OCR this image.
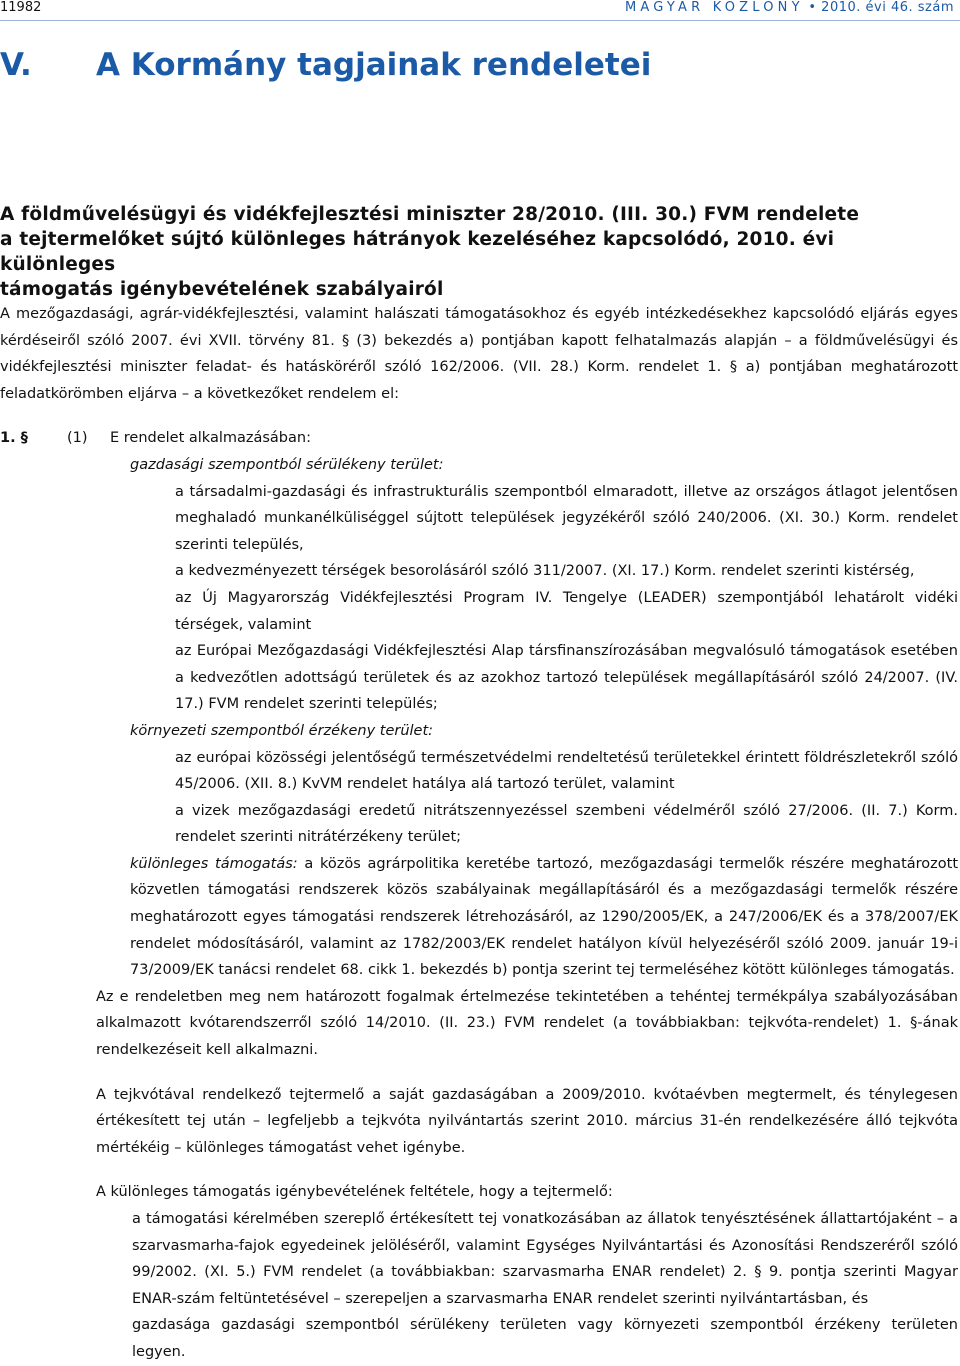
11982	MAGYAR KÖZLÖNY • 2010. évi 46. szám
V. A Kormány tagjainak rendeletei
A földművelésügyi és vidékfejlesztési miniszter 28/2010. (III. 30.) FVM rendelete
a tejtermelőket sújtó különleges hátrányok kezeléséhez kapcsolódó, 2010. évi különleges
támogatás igénybevételének szabályairól

A mezőgazdasági, agrár-vidékfejlesztési, valamint halászati támogatásokhoz és egyéb intézkedésekhez kapcsolódó eljárás egyes kérdéseiről szóló 2007. évi XVII. törvény 81. § (3) bekezdés a) pontjában kapott felhatalmazás alapján – a földművelésügyi és vidékfejlesztési miniszter feladat- és hatásköréről szóló 162/2006. (VII. 28.) Korm. rendelet 1. § a) pontjában meghatározott feladatkörömben eljárva – a következőket rendelem el:

1. §	(1) E rendelet alkalmazásában:
gazdasági szempontból sérülékeny terület:
a társadalmi-gazdasági és infrastrukturális szempontból elmaradott, illetve az országos átlagot jelentősen meghaladó munkanélküliséggel sújtott települések jegyzékéről szóló 240/2006. (XI. 30.) Korm. rendelet szerinti település,
a kedvezményezett térségek besorolásáról szóló 311/2007. (XI. 17.) Korm. rendelet szerinti kistérség,
az Új Magyarország Vidékfejlesztési Program IV. Tengelye (LEADER) szempontjából lehatárolt vidéki térségek, valamint
az Európai Mezőgazdasági Vidékfejlesztési Alap társfinanszírozásában megvalósuló támogatások esetében a kedvezőtlen adottságú területek és az azokhoz tartozó települések megállapításáról szóló 24/2007. (IV. 17.) FVM rendelet szerinti település;
környezeti szempontból érzékeny terület:
az európai közösségi jelentőségű természetvédelmi rendeltetésű területekkel érintett földrészletekről szóló 45/2006. (XII. 8.) KvVM rendelet hatálya alá tartozó terület, valamint
a vizek mezőgazdasági eredetű nitrátszennyezéssel szembeni védelméről szóló 27/2006. (II. 7.) Korm. rendelet szerinti nitrátérzékeny terület;
különleges támogatás: a közös agrárpolitika keretébe tartozó, mezőgazdasági termelők részére meghatározott közvetlen támogatási rendszerek közös szabályainak megállapításáról és a mezőgazdasági termelők részére meghatározott egyes támogatási rendszerek létrehozásáról, az 1290/2005/EK, a 247/2006/EK és a 378/2007/EK rendelet módosításáról, valamint az 1782/2003/EK rendelet hatályon kívül helyezéséről szóló 2009. január 19-i 73/2009/EK tanácsi rendelet 68. cikk 1. bekezdés b) pontja szerint tej termeléséhez kötött különleges támogatás.
Az e rendeletben meg nem határozott fogalmak értelmezése tekintetében a tehéntej termékpálya szabályozásában alkalmazott kvótarendszerről szóló 14/2010. (II. 23.) FVM rendelet (a továbbiakban: tejkvóta-rendelet) 1. §-ának rendelkezéseit kell alkalmazni.
A tejkvótával rendelkező tejtermelő a saját gazdaságában a 2009/2010. kvótaévben megtermelt, és ténylegesen értékesített tej után – legfeljebb a tejkvóta nyilvántartás szerint 2010. március 31-én rendelkezésére álló tejkvóta mértékéig – különleges támogatást vehet igénybe.
A különleges támogatás igénybevételének feltétele, hogy a tejtermelő:
a támogatási kérelmében szereplő értékesített tej vonatkozásában az állatok tenyésztésének állattartójaként – a szarvasmarha-fajok egyedeinek jelöléséről, valamint Egységes Nyilvántartási és Azonosítási Rendszeréről szóló 99/2002. (XI. 5.) FVM rendelet (a továbbiakban: szarvasmarha ENAR rendelet) 2. § 9. pontja szerinti Magyar ENAR-szám feltüntetésével – szerepeljen a szarvasmarha ENAR rendelet szerinti nyilvántartásban, és
gazdasága gazdasági szempontból sérülékeny területen vagy környezeti szempontból érzékeny területen legyen.
